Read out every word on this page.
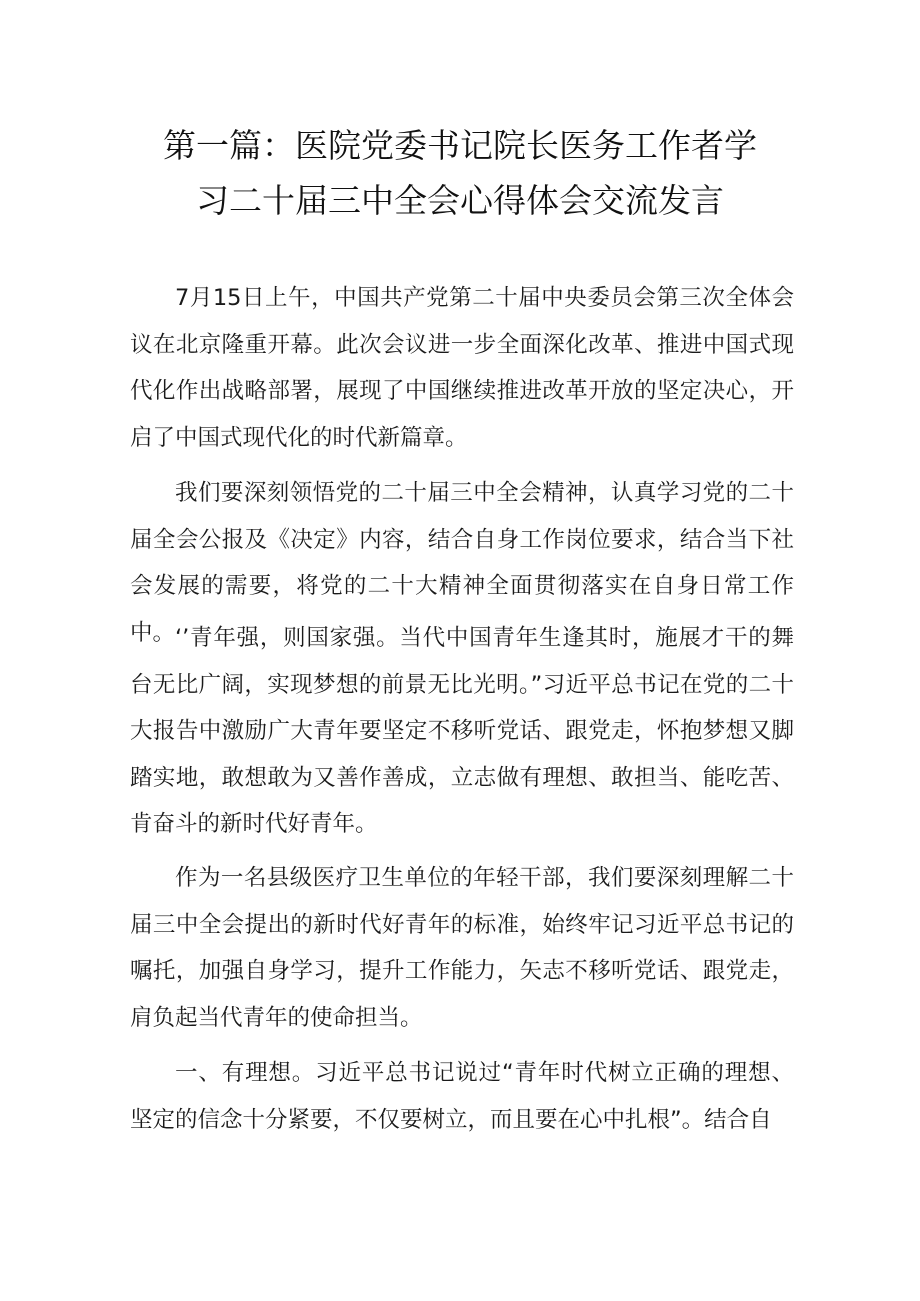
第一篇：医院党委书记院长医务工作者学
习二十届三中全会心得体会交流发言

7月15日上午，中国共产党第二十届中央委员会第三次全体会议在北京隆重开幕。此次会议进一步全面深化改革、推进中国式现代化作出战略部署，展现了中国继续推进改革开放的坚定决心，开启了中国式现代化的时代新篇章。

我们要深刻领悟党的二十届三中全会精神，认真学习党的二十届全会公报及《决定》内容，结合自身工作岗位要求，结合当下社会发展的需要，将党的二十大精神全面贯彻落实在自身日常工作中。 ‘’青年强，则国家强。当代中国青年生逢其时，施展才干的舞台无比广阔，实现梦想的前景无比光明。”习近平总书记在党的二十大报告中激励广大青年要坚定不移听党话、跟党走，怀抱梦想又脚踏实地，敢想敢为又善作善成，立志做有理想、敢担当、能吃苦、肯奋斗的新时代好青年。

作为一名县级医疗卫生单位的年轻干部，我们要深刻理解二十届三中全会提出的新时代好青年的标准，始终牢记习近平总书记的嘱托，加强自身学习，提升工作能力，矢志不移听党话、跟党走，肩负起当代青年的使命担当。

一、有理想。习近平总书记说过“青年时代树立正确的理想、坚定的信念十分紧要，不仅要树立，而且要在心中扎根”。结合自
